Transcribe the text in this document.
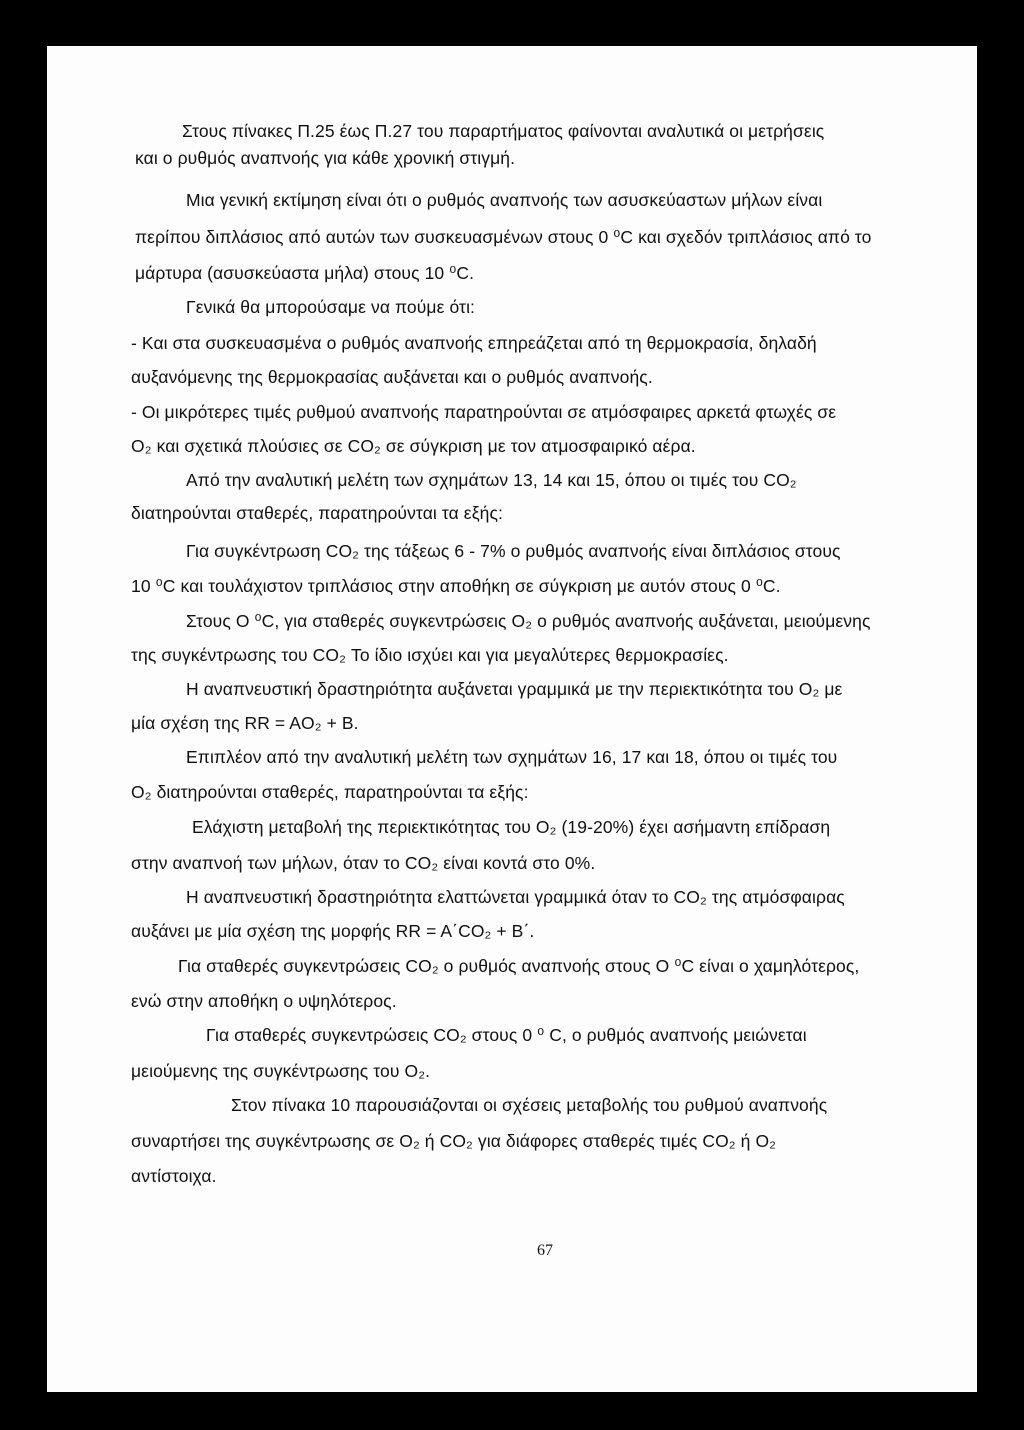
Στους πίνακες Π.25 έως Π.27 του παραρτήματος φαίνονται αναλυτικά οι μετρήσεις

και ο ρυθμός αναπνοής για κάθε χρονική στιγμή.

Μια γενική εκτίμηση είναι ότι ο ρυθμός αναπνοής των ασυσκεύαστων μήλων είναι

περίπου διπλάσιος από αυτών των συσκευασμένων στους 0 ⁰C και σχεδόν τριπλάσιος από το

μάρτυρα (ασυσκεύαστα μήλα) στους 10 ⁰C.

Γενικά θα μπορούσαμε να πούμε ότι:

- Και στα συσκευασμένα ο ρυθμός αναπνοής επηρεάζεται από τη θερμοκρασία, δηλαδή

αυξανόμενης της θερμοκρασίας αυξάνεται και ο ρυθμός αναπνοής.

- Οι μικρότερες τιμές ρυθμού αναπνοής παρατηρούνται σε ατμόσφαιρες αρκετά φτωχές σε

O₂ και σχετικά πλούσιες σε CO₂ σε σύγκριση με τον ατμοσφαιρικό αέρα.

Από την αναλυτική μελέτη των σχημάτων 13, 14 και 15, όπου οι τιμές του CO₂

διατηρούνται σταθερές, παρατηρούνται τα εξής:

Για συγκέντρωση CO₂ της τάξεως 6 - 7% ο ρυθμός αναπνοής είναι διπλάσιος στους

10 ⁰C και τουλάχιστον τριπλάσιος στην αποθήκη σε σύγκριση με αυτόν στους 0 ⁰C.

Στους O ⁰C, για σταθερές συγκεντρώσεις O₂ ο ρυθμός αναπνοής αυξάνεται, μειούμενης

της συγκέντρωσης του CO₂ Το ίδιο ισχύει και για μεγαλύτερες θερμοκρασίες.

Η αναπνευστική δραστηριότητα αυξάνεται γραμμικά με την περιεκτικότητα του O₂ με

μία σχέση της RR = AO₂ + B.

Επιπλέον από την αναλυτική μελέτη των σχημάτων 16, 17 και 18, όπου οι τιμές του

O₂ διατηρούνται σταθερές, παρατηρούνται τα εξής:

Ελάχιστη μεταβολή της περιεκτικότητας του O₂ (19-20%) έχει ασήμαντη επίδραση

στην αναπνοή των μήλων, όταν το CO₂ είναι κοντά στο 0%.

Η αναπνευστική δραστηριότητα ελαττώνεται γραμμικά όταν το CO₂ της ατμόσφαιρας

αυξάνει με μία σχέση της μορφής RR = A΄CO₂ + B΄.

Για σταθερές συγκεντρώσεις CO₂ ο ρυθμός αναπνοής στους O ⁰C είναι ο χαμηλότερος,

ενώ στην αποθήκη ο υψηλότερος.

Για σταθερές συγκεντρώσεις CO₂ στους 0 ⁰ C, ο ρυθμός αναπνοής μειώνεται

μειούμενης της συγκέντρωσης του O₂.

Στον πίνακα 10 παρουσιάζονται οι σχέσεις μεταβολής του ρυθμού αναπνοής

συναρτήσει της συγκέντρωσης σε O₂ ή CO₂ για διάφορες σταθερές τιμές CO₂ ή O₂

αντίστοιχα.

67
